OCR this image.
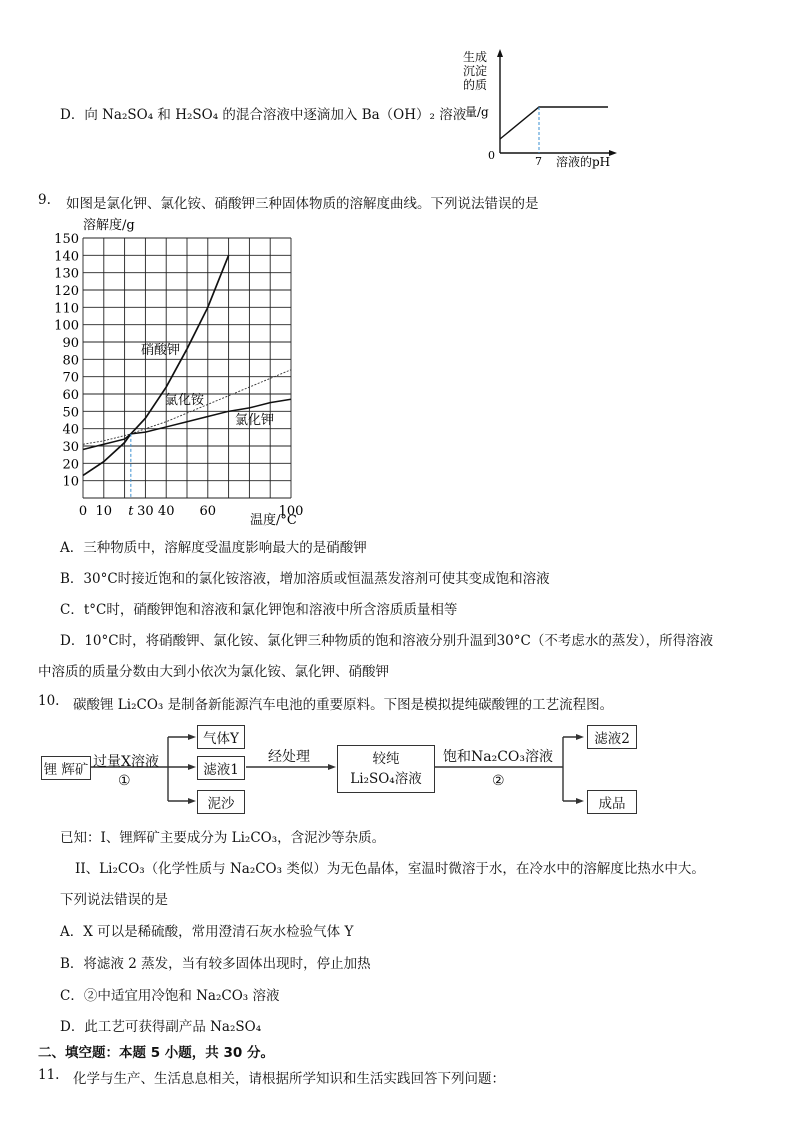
D．向 Na₂SO₄ 和 H₂SO₄ 的混合溶液中逐滴加入 Ba（OH）₂ 溶液
生成
沉淀
的质
量/g
0	7 溶液的pH
9. 如图是氯化钾、氯化铵、硝酸钾三种固体物质的溶解度曲线。下列说法错误的是
150
140
130
120
110
100
90
80
70
60
50
40
30
20
10
0 10 t 30 40 60	100
溶解度/g
温度/°C
硝酸钾
氯化铵
氯化钾
A．三种物质中，溶解度受温度影响最大的是硝酸钾
B．30°C时接近饱和的氯化铵溶液，增加溶质或恒温蒸发溶剂可使其变成饱和溶液
C．t°C时，硝酸钾饱和溶液和氯化钾饱和溶液中所含溶质质量相等
D．10°C时，将硝酸钾、氯化铵、氯化钾三种物质的饱和溶液分别升温到30°C（不考虑水的蒸发），所得溶液
中溶质的质量分数由大到小依次为氯化铵、氯化钾、硝酸钾
10. 碳酸锂 Li₂CO₃ 是制备新能源汽车电池的重要原料。下图是模拟提纯碳酸锂的工艺流程图。
锂 辉矿 过量X溶液
①
气体Y
滤液1
泥沙
经处理	较纯
Li₂SO₄溶液
饱和Na₂CO₃溶液
②
滤液2
成品
已知：I、锂辉矿主要成分为 Li₂CO₃，含泥沙等杂质。
II、Li₂CO₃（化学性质与 Na₂CO₃ 类似）为无色晶体，室温时微溶于水，在冷水中的溶解度比热水中大。
下列说法错误的是
A．X 可以是稀硫酸，常用澄清石灰水检验气体 Y
B．将滤液 2 蒸发，当有较多固体出现时，停止加热
C．②中适宜用冷饱和 Na₂CO₃ 溶液
D．此工艺可获得副产品 Na₂SO₄
二、填空题：本题 5 小题，共 30 分。
11. 化学与生产、生活息息相关，请根据所学知识和生活实践回答下列问题：
